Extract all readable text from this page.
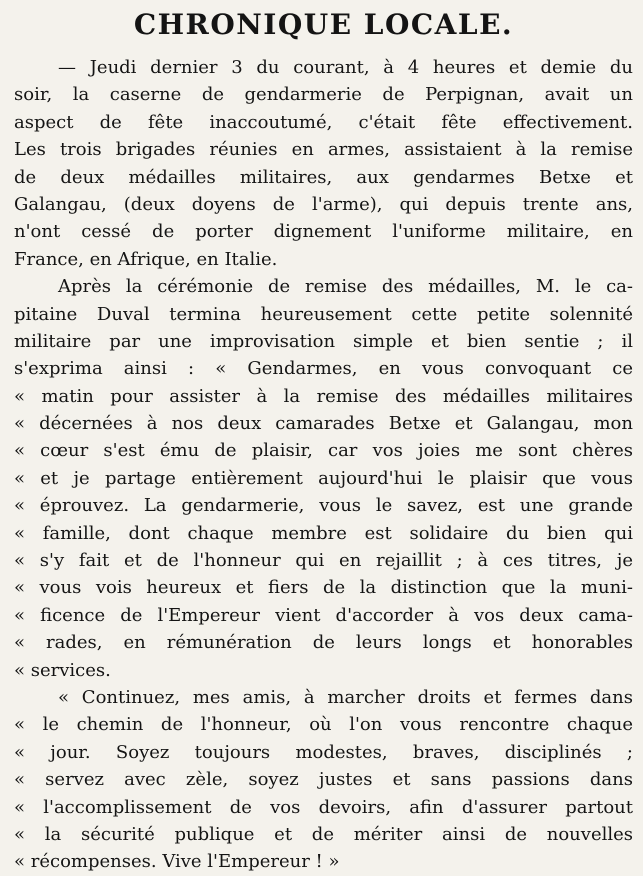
CHRONIQUE LOCALE.
— Jeudi dernier 3 du courant, à 4 heures et demie du
soir, la caserne de gendarmerie de Perpignan, avait un
aspect de fête inaccoutumé, c'était fête effectivement.
Les trois brigades réunies en armes, assistaient à la remise
de deux médailles militaires, aux gendarmes Betxe et
Galangau, (deux doyens de l'arme), qui depuis trente ans,
n'ont cessé de porter dignement l'uniforme militaire, en
France, en Afrique, en Italie.
Après la cérémonie de remise des médailles, M. le ca-
pitaine Duval termina heureusement cette petite solennité
militaire par une improvisation simple et bien sentie ; il
s'exprima ainsi : « Gendarmes, en vous convoquant ce
« matin pour assister à la remise des médailles militaires
« décernées à nos deux camarades Betxe et Galangau, mon
« cœur s'est ému de plaisir, car vos joies me sont chères
« et je partage entièrement aujourd'hui le plaisir que vous
« éprouvez. La gendarmerie, vous le savez, est une grande
« famille, dont chaque membre est solidaire du bien qui
« s'y fait et de l'honneur qui en rejaillit ; à ces titres, je
« vous vois heureux et fiers de la distinction que la muni-
« ficence de l'Empereur vient d'accorder à vos deux cama-
« rades, en rémunération de leurs longs et honorables
« services.
« Continuez, mes amis, à marcher droits et fermes dans
« le chemin de l'honneur, où l'on vous rencontre chaque
« jour. Soyez toujours modestes, braves, disciplinés ;
« servez avec zèle, soyez justes et sans passions dans
« l'accomplissement de vos devoirs, afin d'assurer partout
« la sécurité publique et de mériter ainsi de nouvelles
« récompenses. Vive l'Empereur ! »
